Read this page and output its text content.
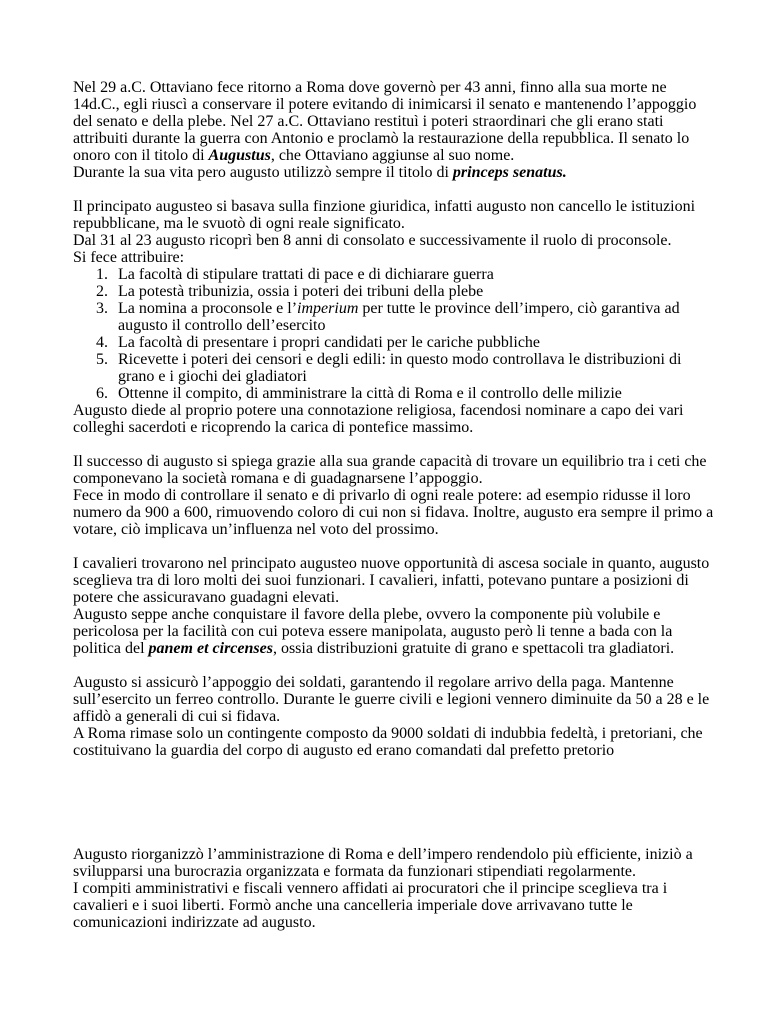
Nel 29 a.C. Ottaviano fece ritorno a Roma dove governò per 43 anni, finno alla sua morte ne
14d.C., egli riuscì a conservare il potere evitando di inimicarsi il senato e mantenendo l’appoggio
del senato e della plebe. Nel 27 a.C. Ottaviano restituì i poteri straordinari che gli erano stati
attribuiti durante la guerra con Antonio e proclamò la restaurazione della repubblica. Il senato lo
onoro con il titolo di Augustus, che Ottaviano aggiunse al suo nome.
Durante la sua vita pero augusto utilizzò sempre il titolo di princeps senatus.
Il principato augusteo si basava sulla finzione giuridica, infatti augusto non cancello le istituzioni
repubblicane, ma le svuotò di ogni reale significato.
Dal 31 al 23 augusto ricoprì ben 8 anni di consolato e successivamente il ruolo di proconsole.
Si fece attribuire:
1. La facoltà di stipulare trattati di pace e di dichiarare guerra
2. La potestà tribunizia, ossia i poteri dei tribuni della plebe
3. La nomina a proconsole e l’imperium per tutte le province dell’impero, ciò garantiva ad
augusto il controllo dell’esercito
4. La facoltà di presentare i propri candidati per le cariche pubbliche
5. Ricevette i poteri dei censori e degli edili: in questo modo controllava le distribuzioni di
grano e i giochi dei gladiatori
6. Ottenne il compito, di amministrare la città di Roma e il controllo delle milizie
Augusto diede al proprio potere una connotazione religiosa, facendosi nominare a capo dei vari
colleghi sacerdoti e ricoprendo la carica di pontefice massimo.
Il successo di augusto si spiega grazie alla sua grande capacità di trovare un equilibrio tra i ceti che
componevano la società romana e di guadagnarsene l’appoggio.
Fece in modo di controllare il senato e di privarlo di ogni reale potere: ad esempio ridusse il loro
numero da 900 a 600, rimuovendo coloro di cui non si fidava. Inoltre, augusto era sempre il primo a
votare, ciò implicava un’influenza nel voto del prossimo.
I cavalieri trovarono nel principato augusteo nuove opportunità di ascesa sociale in quanto, augusto
sceglieva tra di loro molti dei suoi funzionari. I cavalieri, infatti, potevano puntare a posizioni di
potere che assicuravano guadagni elevati.
Augusto seppe anche conquistare il favore della plebe, ovvero la componente più volubile e
pericolosa per la facilità con cui poteva essere manipolata, augusto però li tenne a bada con la
politica del panem et circenses, ossia distribuzioni gratuite di grano e spettacoli tra gladiatori.
Augusto si assicurò l’appoggio dei soldati, garantendo il regolare arrivo della paga. Mantenne
sull’esercito un ferreo controllo. Durante le guerre civili e legioni vennero diminuite da 50 a 28 e le
affidò a generali di cui si fidava.
A Roma rimase solo un contingente composto da 9000 soldati di indubbia fedeltà, i pretoriani, che
costituivano la guardia del corpo di augusto ed erano comandati dal prefetto pretorio
Augusto riorganizzò l’amministrazione di Roma e dell’impero rendendolo più efficiente, iniziò a
svilupparsi una burocrazia organizzata e formata da funzionari stipendiati regolarmente.
I compiti amministrativi e fiscali vennero affidati ai procuratori che il principe sceglieva tra i
cavalieri e i suoi liberti. Formò anche una cancelleria imperiale dove arrivavano tutte le
comunicazioni indirizzate ad augusto.
